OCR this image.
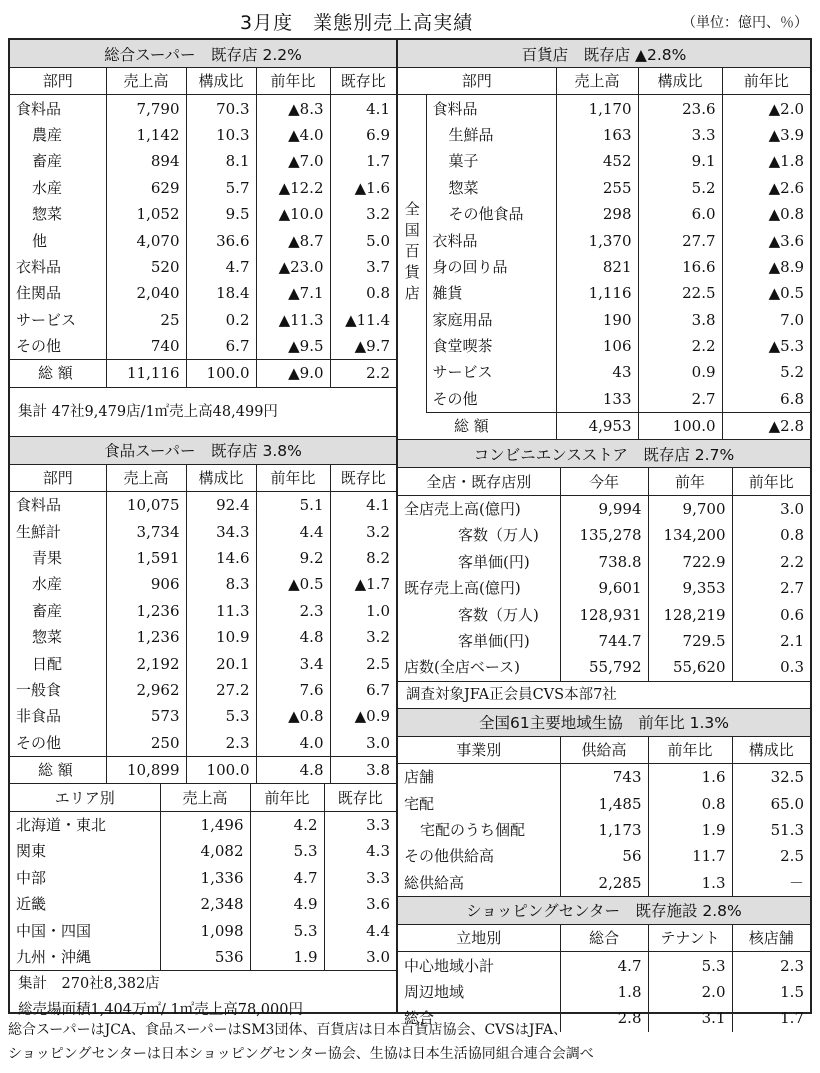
3月度　業態別売上高実績	（単位：億円、％）
総合スーパー　既存店 2.2%
部門	売上高	構成比	前年比	既存比
食料品	7,790	70.3	▲8.3	4.1
農産	1,142	10.3	▲4.0	6.9
畜産	894	8.1	▲7.0	1.7
水産	629	5.7	▲12.2	▲1.6
惣菜	1,052	9.5	▲10.0	3.2
他	4,070	36.6	▲8.7	5.0
衣料品	520	4.7	▲23.0	3.7
住関品	2,040	18.4	▲7.1	0.8
サービス	25	0.2	▲11.3	▲11.4
その他	740	6.7	▲9.5	▲9.7
総 額	11,116	100.0	▲9.0	2.2
集計 47社9,479店/1㎡売上高48,499円
食品スーパー　既存店 3.8%
部門	売上高	構成比	前年比	既存比
食料品	10,075	92.4	5.1	4.1
生鮮計	3,734	34.3	4.4	3.2
青果	1,591	14.6	9.2	8.2
水産	906	8.3	▲0.5	▲1.7
畜産	1,236	11.3	2.3	1.0
惣菜	1,236	10.9	4.8	3.2
日配	2,192	20.1	3.4	2.5
一般食	2,962	27.2	7.6	6.7
非食品	573	5.3	▲0.8	▲0.9
その他	250	2.3	4.0	3.0
総 額	10,899	100.0	4.8	3.8
エリア別	売上高	前年比	既存比
北海道・東北	1,496	4.2	3.3
関東	4,082	5.3	4.3
中部	1,336	4.7	3.3
近畿	2,348	4.9	3.6
中国・四国	1,098	5.3	4.4
九州・沖縄	536	1.9	3.0
集計　270社8,382店
総売場面積1,404万㎡/ 1㎡売上高78,000円
百貨店　既存店 ▲2.8%
部門		売上高	構成比	前年比
全国百貨店	食料品	1,170	23.6	▲2.0
	生鮮品	163	3.3	▲3.9
	菓子	452	9.1	▲1.8
	惣菜	255	5.2	▲2.6
	その他食品	298	6.0	▲0.8
	衣料品	1,370	27.7	▲3.6
	身の回り品	821	16.6	▲8.9
	雑貨	1,116	22.5	▲0.5
	家庭用品	190	3.8	7.0
	食堂喫茶	106	2.2	▲5.3
	サービス	43	0.9	5.2
	その他	133	2.7	6.8
	総 額	4,953	100.0	▲2.8
コンビニエンスストア　既存店 2.7%
全店・既存店別	今年	前年	前年比
全店売上高(億円)	9,994	9,700	3.0
客数（万人)	135,278	134,200	0.8
客単価(円)	738.8	722.9	2.2
既存売上高(億円)	9,601	9,353	2.7
客数（万人)	128,931	128,219	0.6
客単価(円)	744.7	729.5	2.1
店数(全店ベース)	55,792	55,620	0.3
調査対象JFA正会員CVS本部7社
全国61主要地域生協　前年比 1.3%
事業別	供給高	前年比	構成比
店舗	743	1.6	32.5
宅配	1,485	0.8	65.0
宅配のうち個配	1,173	1.9	51.3
その他供給高	56	11.7	2.5
総供給高	2,285	1.3	－
ショッピングセンター　既存施設 2.8%
立地別	総合	テナント	核店舗
中心地域小計	4.7	5.3	2.3
周辺地域	1.8	2.0	1.5
総合	2.8	3.1	1.7
総合スーパーはJCA、食品スーパーはSM3団体、百貨店は日本百貨店協会、CVSはJFA、
ショッピングセンターは日本ショッピングセンター協会、生協は日本生活協同組合連合会調べ
